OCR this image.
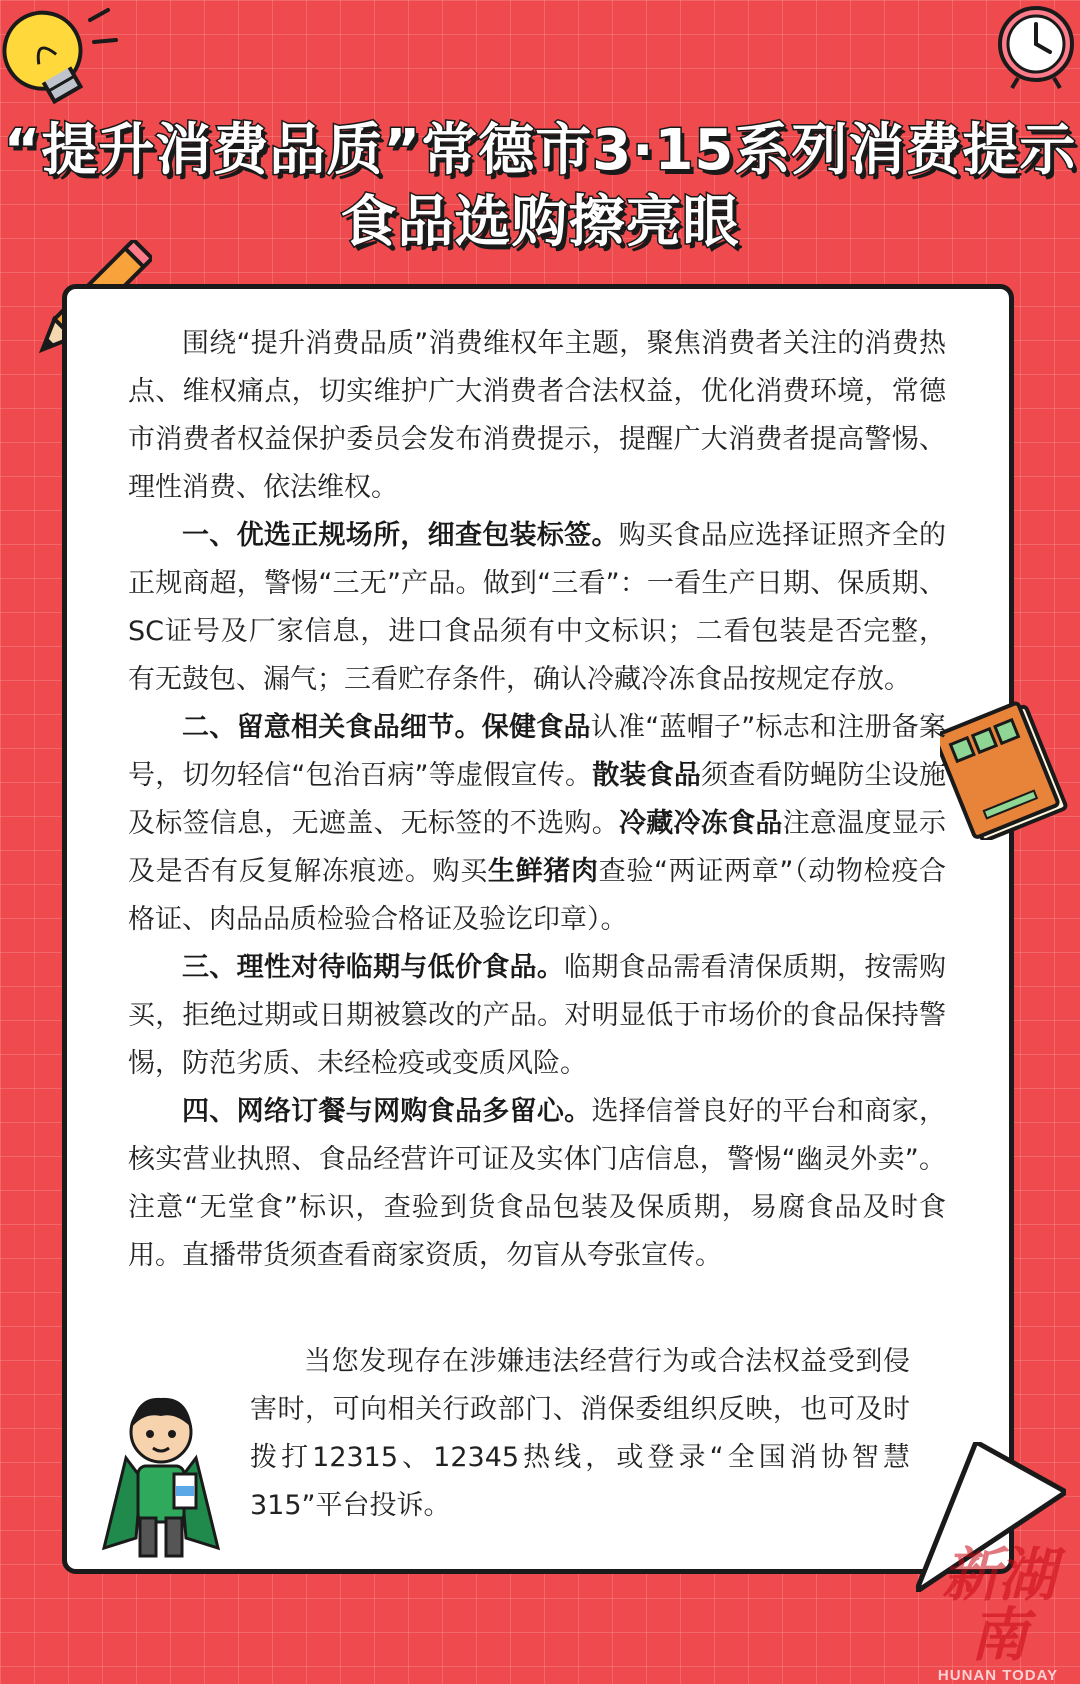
“提升消费品质”常德市3·15系列消费提示
食品选购擦亮眼

围绕“提升消费品质”消费维权年主题，聚焦消费者关注的消费热点、维权痛点，切实维护广大消费者合法权益，优化消费环境，常德市消费者权益保护委员会发布消费提示，提醒广大消费者提高警惕、理性消费、依法维权。

一、优选正规场所，细查包装标签。购买食品应选择证照齐全的正规商超，警惕“三无”产品。做到“三看”：一看生产日期、保质期、SC证号及厂家信息，进口食品须有中文标识；二看包装是否完整，有无鼓包、漏气；三看贮存条件，确认冷藏冷冻食品按规定存放。

二、留意相关食品细节。保健食品认准“蓝帽子”标志和注册备案号，切勿轻信“包治百病”等虚假宣传。散装食品须查看防蝇防尘设施及标签信息，无遮盖、无标签的不选购。冷藏冷冻食品注意温度显示及是否有反复解冻痕迹。购买生鲜猪肉查验“两证两章”（动物检疫合格证、肉品品质检验合格证及验讫印章）。

三、理性对待临期与低价食品。临期食品需看清保质期，按需购买，拒绝过期或日期被篡改的产品。对明显低于市场价的食品保持警惕，防范劣质、未经检疫或变质风险。

四、网络订餐与网购食品多留心。选择信誉良好的平台和商家，核实营业执照、食品经营许可证及实体门店信息，警惕“幽灵外卖”。注意“无堂食”标识，查验到货食品包装及保质期，易腐食品及时食用。直播带货须查看商家资质，勿盲从夸张宣传。

当您发现存在涉嫌违法经营行为或合法权益受到侵害时，可向相关行政部门、消保委组织反映，也可及时拨打12315、12345热线，或登录“全国消协智慧315”平台投诉。

新湖南
HUNAN TODAY
